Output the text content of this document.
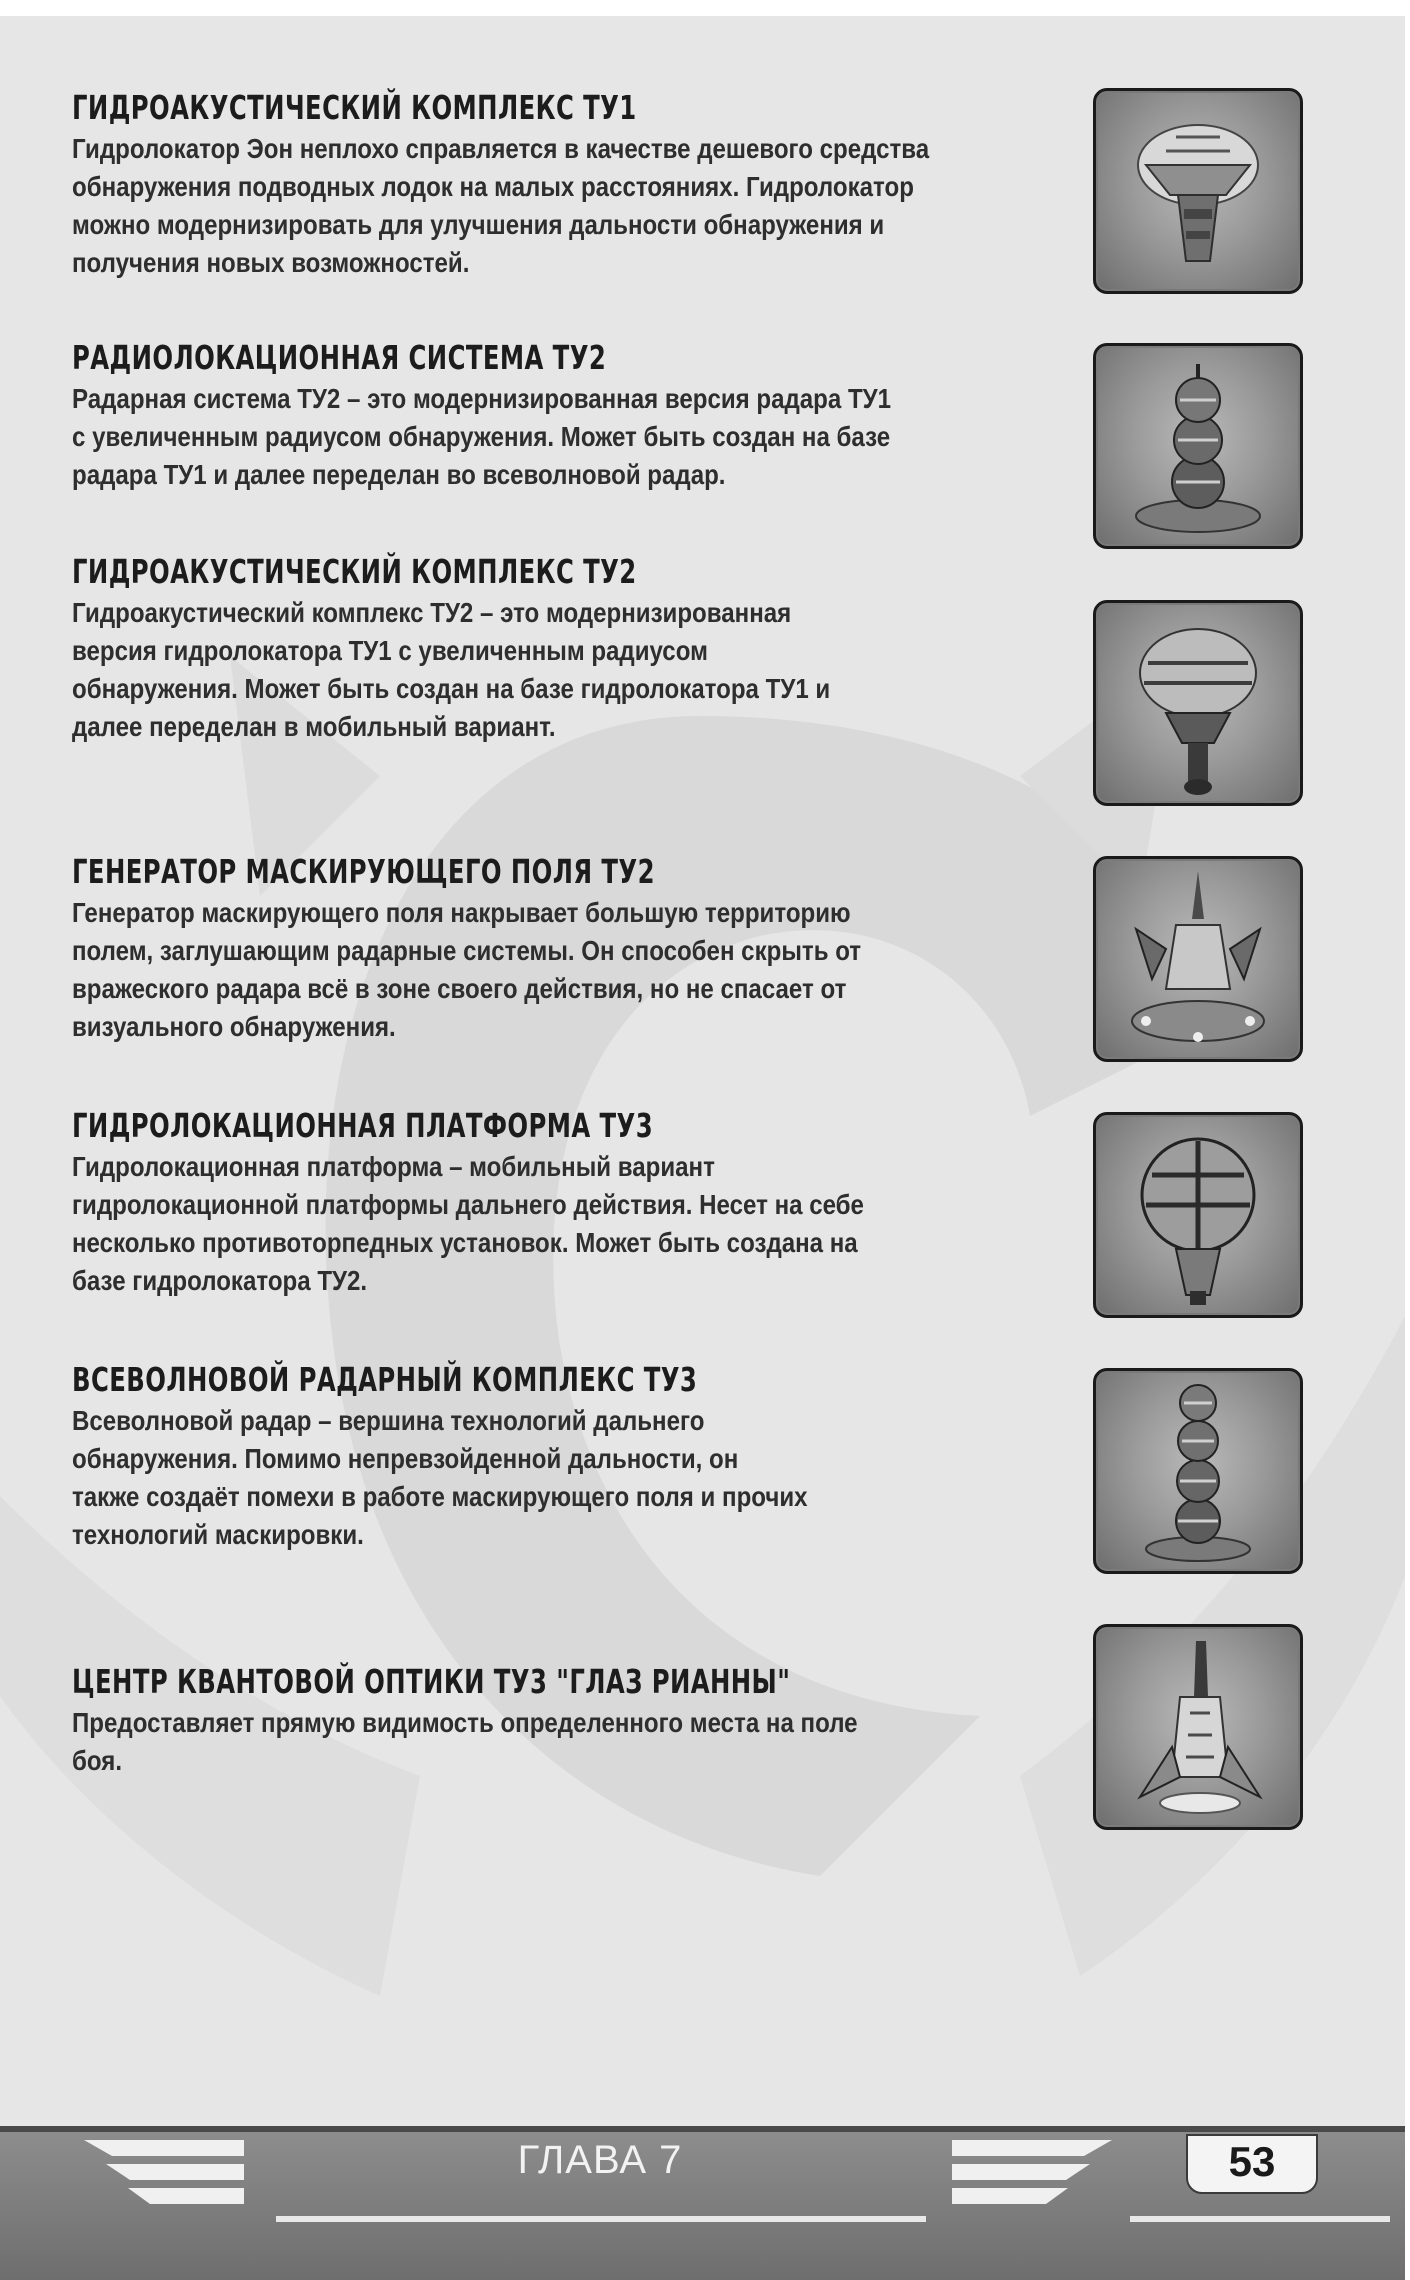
ГИДРОАКУСТИЧЕСКИЙ КОМПЛЕКС ТУ1
Гидролокатор Эон неплохо справляется в качестве дешевого средства
обнаружения подводных лодок на малых расстояниях. Гидролокатор
можно модернизировать для улучшения дальности обнаружения и
получения новых возможностей.
РАДИОЛОКАЦИОННАЯ СИСТЕМА ТУ2
Радарная система ТУ2 – это модернизированная версия радара ТУ1
с увеличенным радиусом обнаружения. Может быть создан на базе
радара ТУ1 и далее переделан во всеволновой радар.
ГИДРОАКУСТИЧЕСКИЙ КОМПЛЕКС ТУ2
Гидроакустический комплекс ТУ2 – это модернизированная
версия гидролокатора ТУ1 с увеличенным радиусом
обнаружения. Может быть создан на базе гидролокатора ТУ1 и
далее переделан в мобильный вариант.
ГЕНЕРАТОР МАСКИРУЮЩЕГО ПОЛЯ ТУ2
Генератор маскирующего поля накрывает большую территорию
полем, заглушающим радарные системы. Он способен скрыть от
вражеского радара всё в зоне своего действия, но не спасает от
визуального обнаружения.
ГИДРОЛОКАЦИОННАЯ ПЛАТФОРМА ТУ3
Гидролокационная платформа – мобильный вариант
гидролокационной платформы дальнего действия. Несет на себе
несколько противоторпедных установок. Может быть создана на
базе гидролокатора ТУ2.
ВСЕВОЛНОВОЙ РАДАРНЫЙ КОМПЛЕКС ТУ3
Всеволновой радар – вершина технологий дальнего
обнаружения. Помимо непревзойденной дальности, он
также создаёт помехи в работе маскирующего поля и прочих
технологий маскировки.
ЦЕНТР КВАНТОВОЙ ОПТИКИ ТУ3 "ГЛАЗ РИАННЫ"
Предоставляет прямую видимость определенного места на поле
боя.
ГЛАВА 7	53
